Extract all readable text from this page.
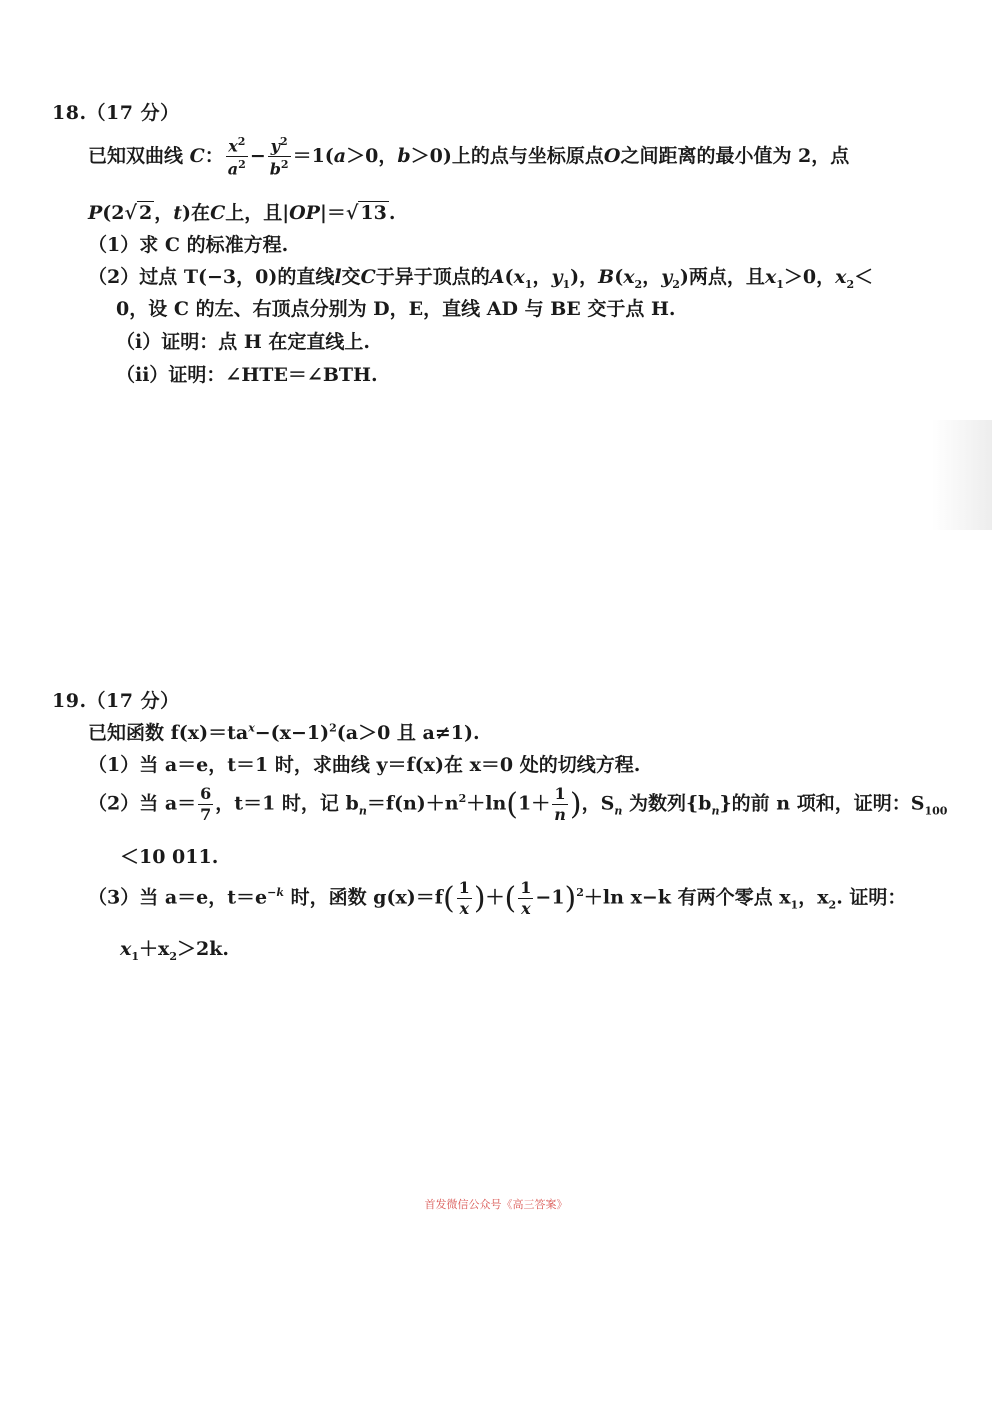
18.（17 分）
已知双曲线 C： $\frac{x^2}{a^2} - \frac{y^2}{b^2} =1(a>0$，b＞0)上的点与坐标原点O之间距离的最小值为 2，点
P(2√ 2 ，t)在C上，且|OP|＝√ 13 .
（1）求 C 的标准方程.
（2）过点 T(−3，0)的直线l交C于异于顶点的$A(x_1$，$y_1$)，$B(x_2$，$y_2$)两点，且$x_1>0$，$x_2<$
0，设 C 的左、右顶点分别为 D，E，直线 AD 与 BE 交于点 H.
（ⅰ）证明：点 H 在定直线上.
（ⅱ）证明：∠HTE＝∠BTH.
19.（17 分）
已知函数 $f(x)=ta^x-(x-1)^2(a>0$ 且 a≠1).
（1）当 a＝e，t＝1 时，求曲线 y＝f(x)在 x＝0 处的切线方程.
（2）当 $a= \frac{6}{7}$ ，t＝1 时，记 $b_n=f(n)+n^2+\ln(1+ \frac{1}{n}$ )，$S_n$ 为数列$\{b_n\}$的前 n 项和，证明：$S_{100}$
＜10 011.
（3）当 a＝e，$t=e^{-k}$ 时，函数 $g(x)=f( \frac{1}{x}$ )＋( $\frac{1}{x} -1)^2+\ln$ x−k 有两个零点 $x_1$，$x_2$. 证明：
$x_1+x_2>2k$.
首发微信公众号《高三答案》
